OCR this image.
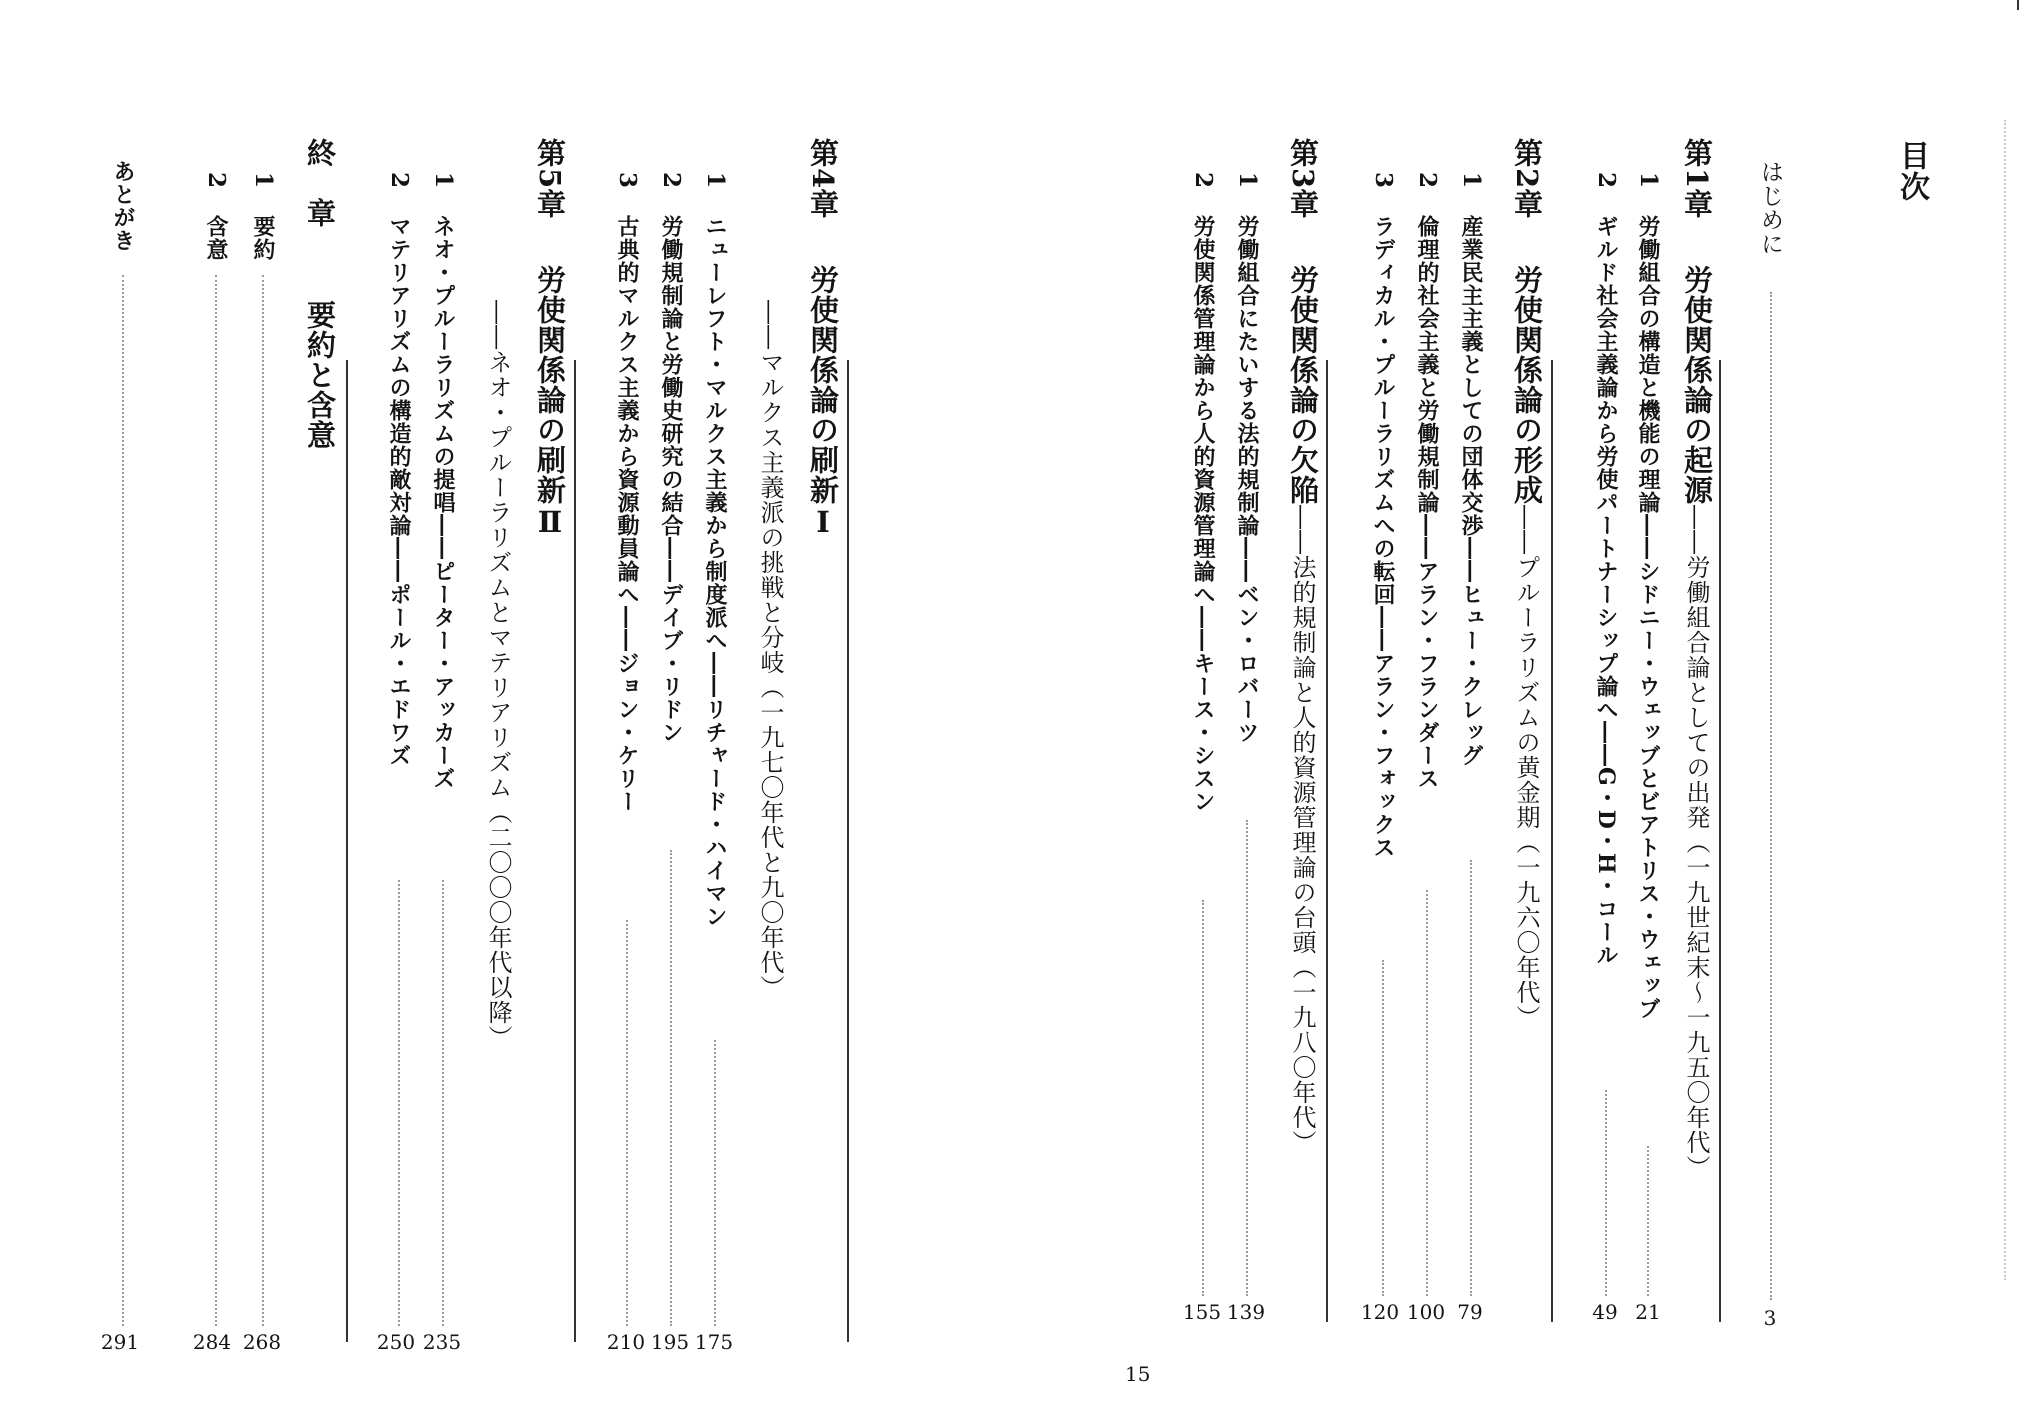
目次
はじめに
3
第1章
労使関係論の起源
――労働組合論としての出発（一九世紀末～一九五〇年代）
1
労働組合の構造と機能の理論――シドニー・ウェッブとビアトリス・ウェッブ
21
2
ギルド社会主義論から労使パートナーシップ論へ――G・D・H・コール
49
第2章
労使関係論の形成
――プルーラリズムの黄金期（一九六〇年代）
1
産業民主主義としての団体交渉――ヒュー・クレッグ
79
2
倫理的社会主義と労働規制論――アラン・フランダース
100
3
ラディカル・プルーラリズムへの転回――アラン・フォックス
120
第3章
労使関係論の欠陥
――法的規制論と人的資源管理論の台頭（一九八〇年代）
1
労働組合にたいする法的規制論――ベン・ロバーツ
139
2
労使関係管理論から人的資源管理論へ――キース・シスン
155
15
第4章
労使関係論の刷新Ⅰ
――マルクス主義派の挑戦と分岐（一九七〇年代と九〇年代）
1
ニューレフト・マルクス主義から制度派へ――リチャード・ハイマン
175
2
労働規制論と労働史研究の結合――デイブ・リドン
195
3
古典的マルクス主義から資源動員論へ――ジョン・ケリー
210
第5章
労使関係論の刷新Ⅱ
――ネオ・プルーラリズムとマテリアリズム（二〇〇〇年代以降）
1
ネオ・プルーラリズムの提唱――ピーター・アッカーズ
235
2
マテリアリズムの構造的敵対論――ポール・エドワズ
250
終　章
要約と含意
1
要約
268
2
含意
284
あとがき
291
